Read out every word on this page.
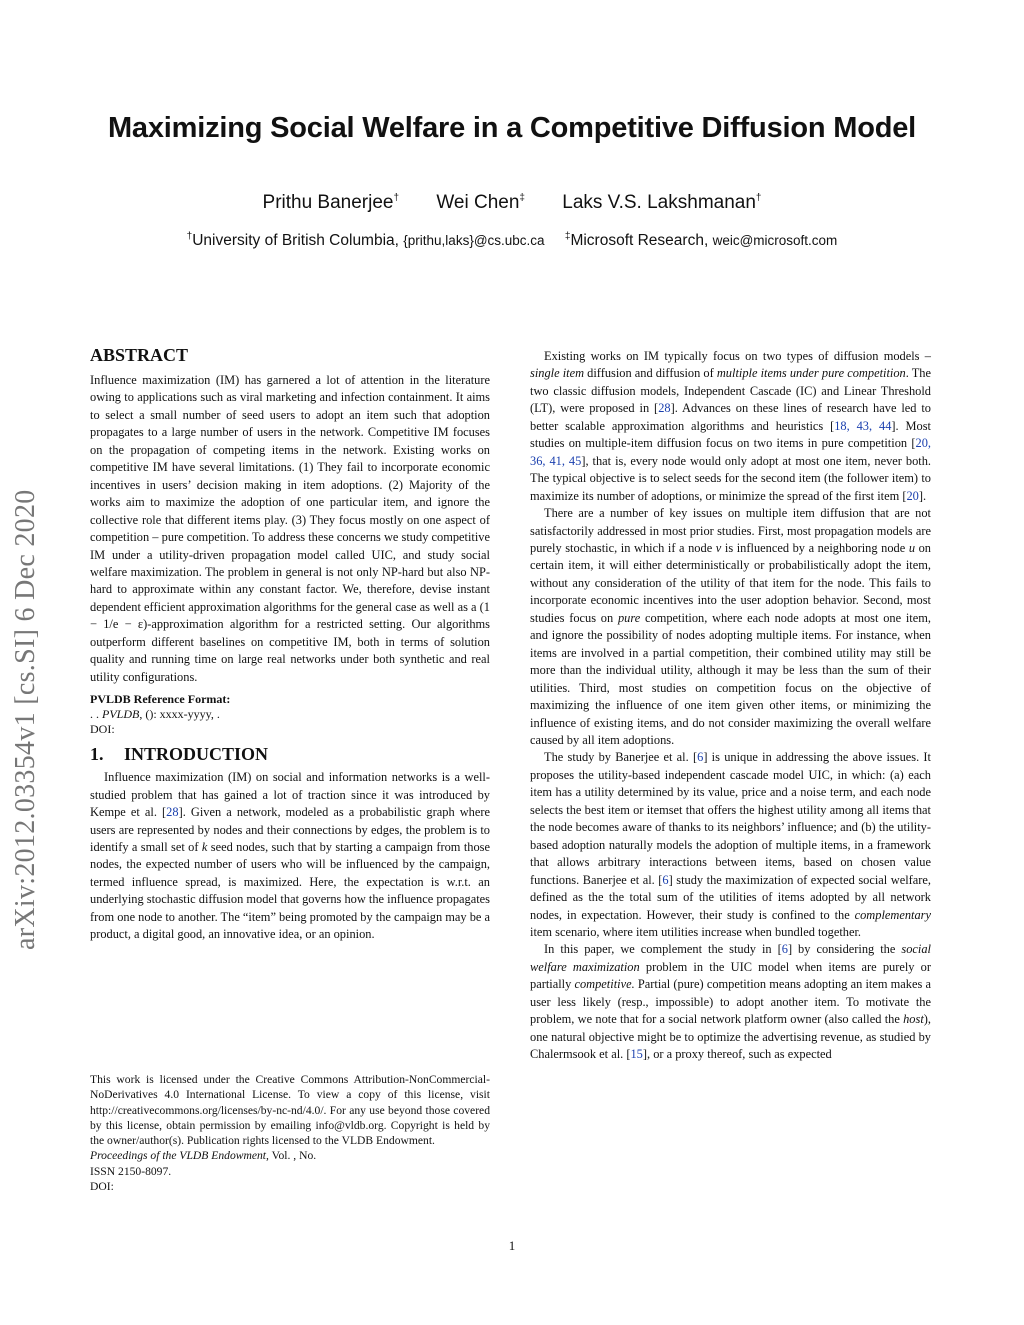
Maximizing Social Welfare in a Competitive Diffusion Model
Prithu Banerjee† Wei Chen‡ Laks V.S. Lakshmanan†
†University of British Columbia, {prithu,laks}@cs.ubc.ca ‡Microsoft Research, weic@microsoft.com
arXiv:2012.03354v1 [cs.SI] 6 Dec 2020
ABSTRACT

Influence maximization (IM) has garnered a lot of attention in the literature owing to applications such as viral marketing and infection containment. It aims to select a small number of seed users to adopt an item such that adoption propagates to a large number of users in the network. Competitive IM focuses on the propagation of competing items in the network. Existing works on competitive IM have several limitations. (1) They fail to incorporate economic incentives in users’ decision making in item adoptions. (2) Majority of the works aim to maximize the adoption of one particular item, and ignore the collective role that different items play. (3) They focus mostly on one aspect of competition – pure competition. To address these concerns we study competitive IM under a utility-driven propagation model called UIC, and study social welfare maximization. The problem in general is not only NP-hard but also NP-hard to approximate within any constant factor. We, therefore, devise instant dependent efficient approximation algorithms for the general case as well as a (1 − 1/e − ε)-approximation algorithm for a restricted setting. Our algorithms outperform different baselines on competitive IM, both in terms of solution quality and running time on large real networks under both synthetic and real utility configurations.

PVLDB Reference Format:
. . PVLDB, (): xxxx-yyyy, .
DOI:
1. INTRODUCTION

Influence maximization (IM) on social and information networks is a well-studied problem that has gained a lot of traction since it was introduced by Kempe et al. [28]. Given a network, modeled as a probabilistic graph where users are represented by nodes and their connections by edges, the problem is to identify a small set of k seed nodes, such that by starting a campaign from those nodes, the expected number of users who will be influenced by the campaign, termed influence spread, is maximized. Here, the expectation is w.r.t. an underlying stochastic diffusion model that governs how the influence propagates from one node to another. The “item” being promoted by the campaign may be a product, a digital good, an innovative idea, or an opinion.

This work is licensed under the Creative Commons Attribution-NonCommercial-NoDerivatives 4.0 International License. To view a copy of this license, visit http://creativecommons.org/licenses/by-nc-nd/4.0/. For any use beyond those covered by this license, obtain permission by emailing info@vldb.org. Copyright is held by the owner/author(s). Publication rights licensed to the VLDB Endowment.

Proceedings of the VLDB Endowment, Vol. , No.

ISSN 2150-8097.

DOI:

Existing works on IM typically focus on two types of diffusion models – single item diffusion and diffusion of multiple items under pure competition. The two classic diffusion models, Independent Cascade (IC) and Linear Threshold (LT), were proposed in [28]. Advances on these lines of research have led to better scalable approximation algorithms and heuristics [18, 43, 44]. Most studies on multiple-item diffusion focus on two items in pure competition [20, 36, 41, 45], that is, every node would only adopt at most one item, never both. The typical objective is to select seeds for the second item (the follower item) to maximize its number of adoptions, or minimize the spread of the first item [20].

There are a number of key issues on multiple item diffusion that are not satisfactorily addressed in most prior studies. First, most propagation models are purely stochastic, in which if a node v is influenced by a neighboring node u on certain item, it will either deterministically or probabilistically adopt the item, without any consideration of the utility of that item for the node. This fails to incorporate economic incentives into the user adoption behavior. Second, most studies focus on pure competition, where each node adopts at most one item, and ignore the possibility of nodes adopting multiple items. For instance, when items are involved in a partial competition, their combined utility may still be more than the individual utility, although it may be less than the sum of their utilities. Third, most studies on competition focus on the objective of maximizing the influence of one item given other items, or minimizing the influence of existing items, and do not consider maximizing the overall welfare caused by all item adoptions.

The study by Banerjee et al. [6] is unique in addressing the above issues. It proposes the utility-based independent cascade model UIC, in which: (a) each item has a utility determined by its value, price and a noise term, and each node selects the best item or itemset that offers the highest utility among all items that the node becomes aware of thanks to its neighbors’ influence; and (b) the utility-based adoption naturally models the adoption of multiple items, in a framework that allows arbitrary interactions between items, based on chosen value functions. Banerjee et al. [6] study the maximization of expected social welfare, defined as the the total sum of the utilities of items adopted by all network nodes, in expectation. However, their study is confined to the complementary item scenario, where item utilities increase when bundled together.

In this paper, we complement the study in [6] by considering the social welfare maximization problem in the UIC model when items are purely or partially competitive. Partial (pure) competition means adopting an item makes a user less likely (resp., impossible) to adopt another item. To motivate the problem, we note that for a social network platform owner (also called the host), one natural objective might be to optimize the advertising revenue, as studied by Chalermsook et al. [15], or a proxy thereof, such as expected

1
